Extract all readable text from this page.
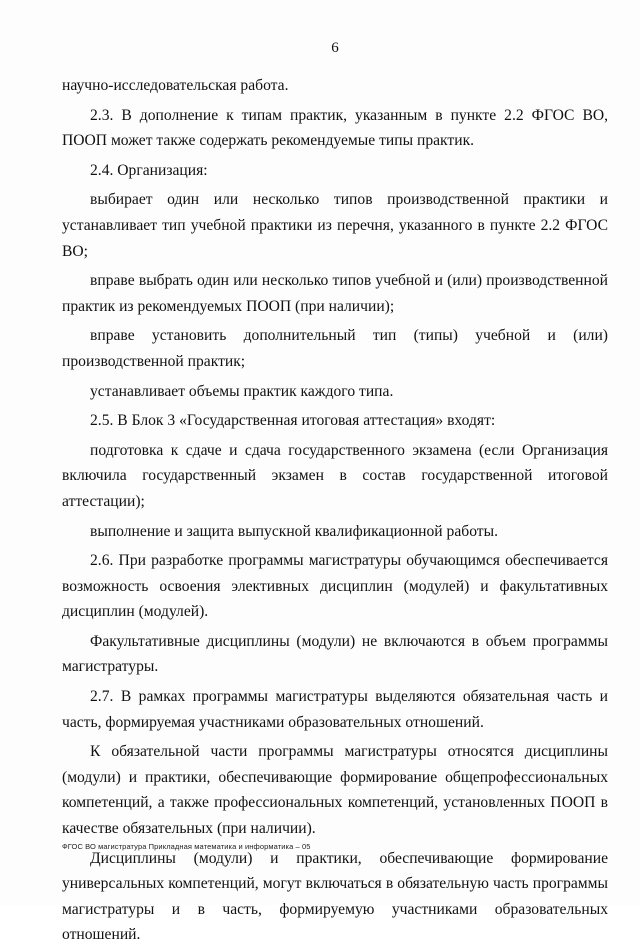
6

научно-исследовательская работа.

2.3. В дополнение к типам практик, указанным в пункте 2.2 ФГОС ВО, ПООП может также содержать рекомендуемые типы практик.

2.4. Организация:

выбирает один или несколько типов производственной практики и устанавливает тип учебной практики из перечня, указанного в пункте 2.2 ФГОС ВО;

вправе выбрать один или несколько типов учебной и (или) производственной практик из рекомендуемых ПООП (при наличии);

вправе установить дополнительный тип (типы) учебной и (или) производственной практик;

устанавливает объемы практик каждого типа.

2.5. В Блок 3 «Государственная итоговая аттестация» входят:

подготовка к сдаче и сдача государственного экзамена (если Организация включила государственный экзамен в состав государственной итоговой аттестации);

выполнение и защита выпускной квалификационной работы.

2.6. При разработке программы магистратуры обучающимся обеспечивается возможность освоения элективных дисциплин (модулей) и факультативных дисциплин (модулей).

Факультативные дисциплины (модули) не включаются в объем программы магистратуры.

2.7. В рамках программы магистратуры выделяются обязательная часть и часть, формируемая участниками образовательных отношений.

К обязательной части программы магистратуры относятся дисциплины (модули) и практики, обеспечивающие формирование общепрофессиональных компетенций, а также профессиональных компетенций, установленных ПООП в качестве обязательных (при наличии).

Дисциплины (модули) и практики, обеспечивающие формирование универсальных компетенций, могут включаться в обязательную часть программы магистратуры и в часть, формируемую участниками образовательных отношений.

ФГОС ВО магистратура Прикладная математика и информатика – 05
